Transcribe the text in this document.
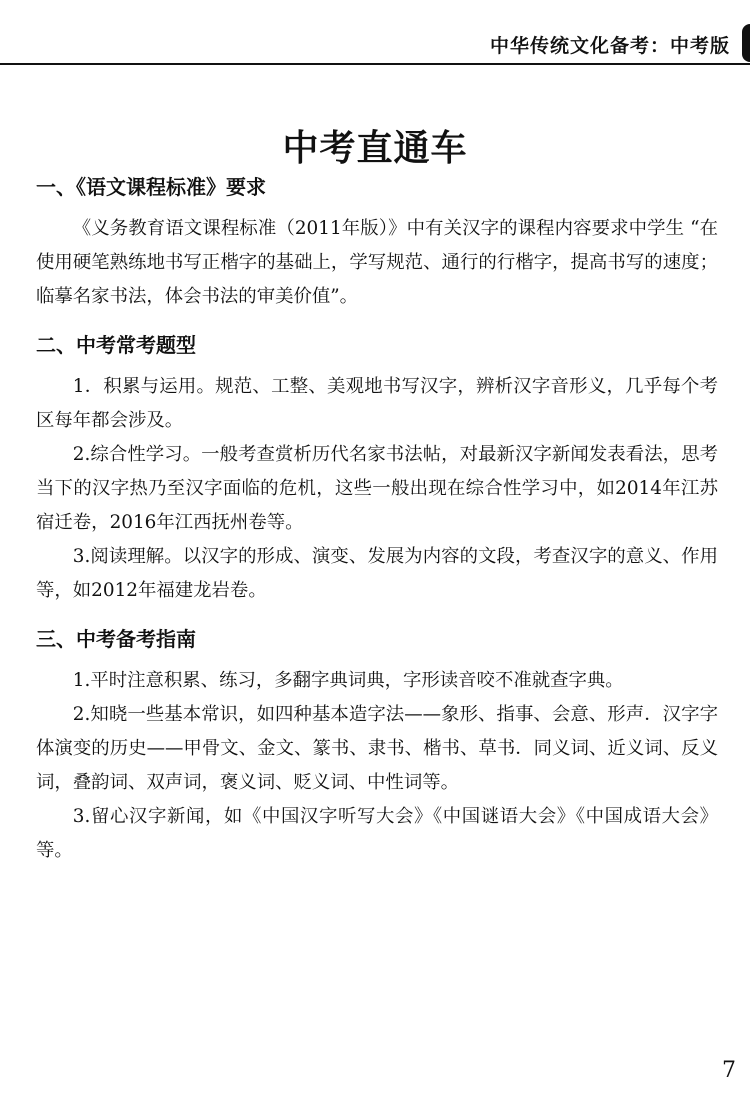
中华传统文化备考：中考版
中考直通车
一、《语文课程标准》要求

《义务教育语文课程标准（2011年版）》中有关汉字的课程内容要求中学生 “在使用硬笔熟练地书写正楷字的基础上，学写规范、通行的行楷字，提高书写的速度；临摹名家书法，体会书法的审美价值”。

二、中考常考题型

1．积累与运用。规范、工整、美观地书写汉字，辨析汉字音形义，几乎每个考区每年都会涉及。

2.综合性学习。一般考查赏析历代名家书法帖，对最新汉字新闻发表看法，思考当下的汉字热乃至汉字面临的危机，这些一般出现在综合性学习中，如2014年江苏宿迁卷，2016年江西抚州卷等。

3.阅读理解。以汉字的形成、演变、发展为内容的文段，考查汉字的意义、作用等，如2012年福建龙岩卷。

三、中考备考指南

1.平时注意积累、练习，多翻字典词典，字形读音咬不准就查字典。

2.知晓一些基本常识，如四种基本造字法——象形、指事、会意、形声．汉字字体演变的历史——甲骨文、金文、篆书、隶书、楷书、草书．同义词、近义词、反义词，叠韵词、双声词，褒义词、贬义词、中性词等。

3.留心汉字新闻，如《中国汉字听写大会》《中国谜语大会》《中国成语大会》等。

7
